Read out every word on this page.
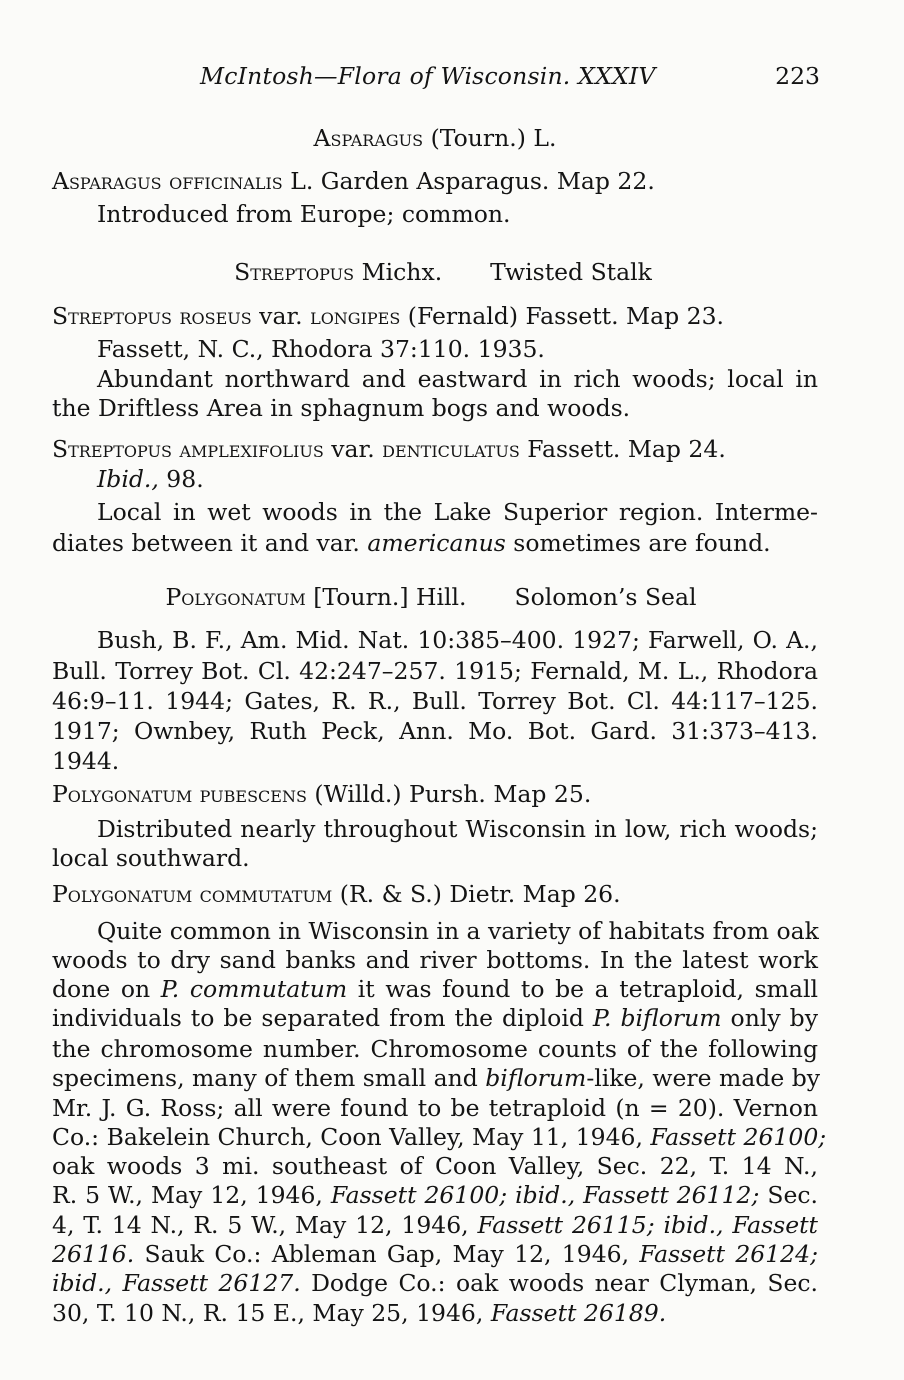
McIntosh—Flora of Wisconsin. XXXIV	223
Asparagus (Tourn.) L.
Asparagus officinalis L. Garden Asparagus. Map 22.
Introduced from Europe; common.
Streptopus Michx. Twisted Stalk
Streptopus roseus var. longipes (Fernald) Fassett. Map 23.
Fassett, N. C., Rhodora 37:110. 1935.
Abundant northward and eastward in rich woods; local in
the Driftless Area in sphagnum bogs and woods.
Streptopus amplexifolius var. denticulatus Fassett. Map 24.
Ibid., 98.
Local in wet woods in the Lake Superior region. Interme-
diates between it and var. americanus sometimes are found.
Polygonatum [Tourn.] Hill. Solomon’s Seal
Bush, B. F., Am. Mid. Nat. 10:385–400. 1927; Farwell, O. A.,
Bull. Torrey Bot. Cl. 42:247–257. 1915; Fernald, M. L., Rhodora
46:9–11. 1944; Gates, R. R., Bull. Torrey Bot. Cl. 44:117–125.
1917; Ownbey, Ruth Peck, Ann. Mo. Bot. Gard. 31:373–413.
1944.
Polygonatum pubescens (Willd.) Pursh. Map 25.
Distributed nearly throughout Wisconsin in low, rich woods;
local southward.
Polygonatum commutatum (R. & S.) Dietr. Map 26.
Quite common in Wisconsin in a variety of habitats from oak
woods to dry sand banks and river bottoms. In the latest work
done on P. commutatum it was found to be a tetraploid, small
individuals to be separated from the diploid P. biflorum only by
the chromosome number. Chromosome counts of the following
specimens, many of them small and biflorum-like, were made by
Mr. J. G. Ross; all were found to be tetraploid (n = 20). Vernon
Co.: Bakelein Church, Coon Valley, May 11, 1946, Fassett 26100;
oak woods 3 mi. southeast of Coon Valley, Sec. 22, T. 14 N.,
R. 5 W., May 12, 1946, Fassett 26100; ibid., Fassett 26112; Sec.
4, T. 14 N., R. 5 W., May 12, 1946, Fassett 26115; ibid., Fassett
26116. Sauk Co.: Ableman Gap, May 12, 1946, Fassett 26124;
ibid., Fassett 26127. Dodge Co.: oak woods near Clyman, Sec.
30, T. 10 N., R. 15 E., May 25, 1946, Fassett 26189.
